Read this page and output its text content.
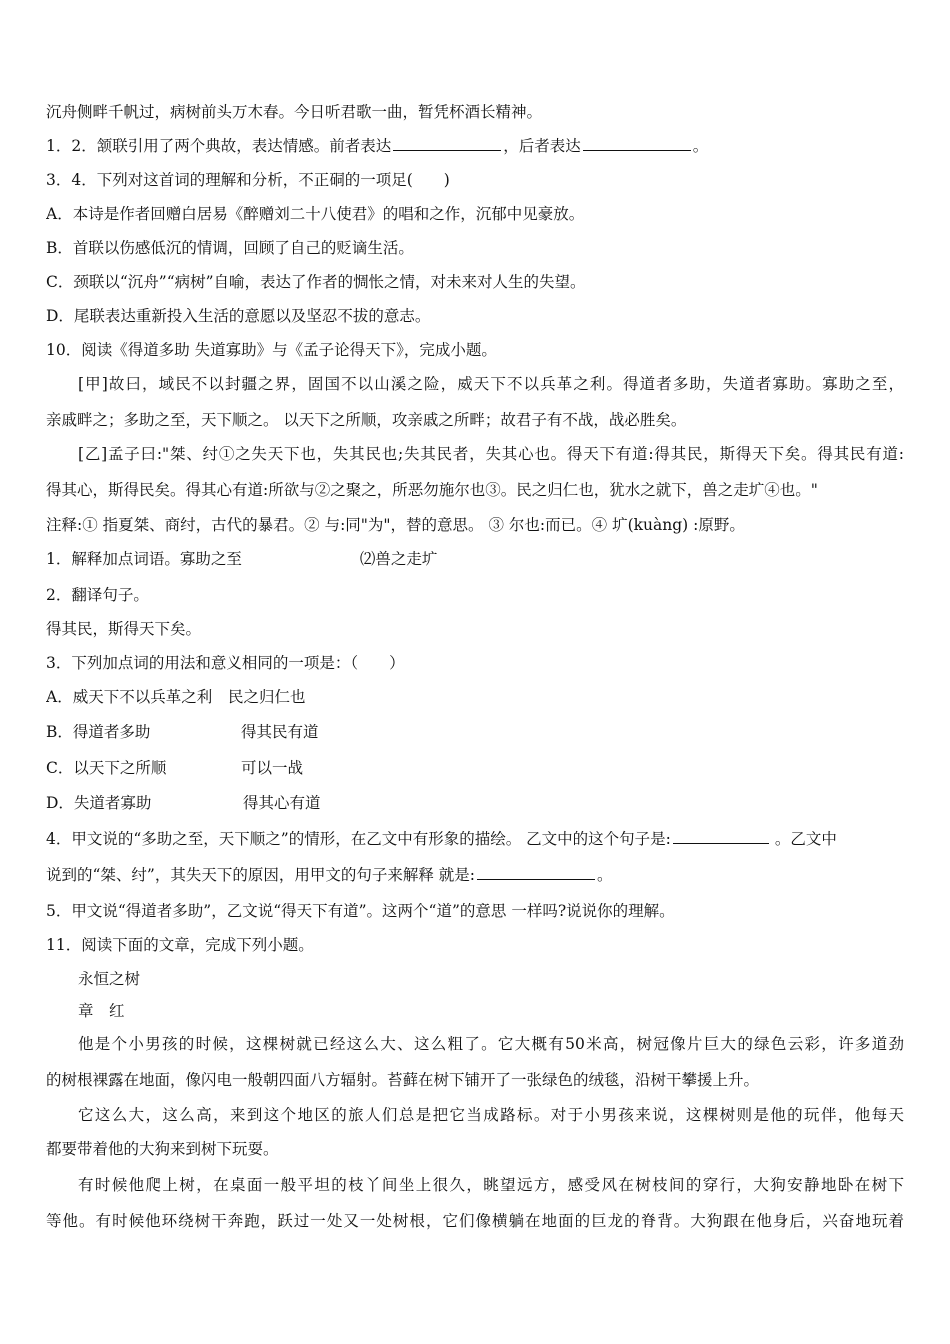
沉舟侧畔千帆过，病树前头万木春。今日听君歌一曲，暂凭杯酒长精神。
1．2．颔联引用了两个典故，表达情感。前者表达	，后者表达	。
3．4．下列对这首词的理解和分析，不正硐的一项足(　　)
A．本诗是作者回赠白居易《醉赠刘二十八使君》的唱和之作，沉郁中见豪放。
B．首联以伤感低沉的情调，回顾了自己的贬谪生活。
C．颈联以“沉舟”“病树”自喻，表达了作者的惆怅之情，对未来对人生的失望。
D．尾联表达重新投入生活的意愿以及坚忍不拔的意志。
10．阅读《得道多助 失道寡助》与《孟子论得天下》，完成小题。
[甲]故曰，域民不以封疆之界，固国不以山溪之险，威天下不以兵革之利。得道者多助，失道者寡助。寡助之至，
亲戚畔之；多助之至，天下顺之。 以天下之所顺，攻亲戚之所畔；故君子有不战，战必胜矣。
[乙]孟子曰:"桀、纣①之失天下也，失其民也;失其民者，失其心也。得天下有道:得其民，斯得天下矣。得其民有道:
得其心，斯得民矣。得其心有道:所欲与②之聚之，所恶勿施尔也③。民之归仁也，犹水之就下，兽之走圹④也。"
注释:① 指夏桀、商纣，古代的暴君。② 与:同"为"，替的意思。 ③ 尔也:而已。④ 圹(kuàng) :原野。
1．解释加点词语。寡助之至	⑵兽之走圹
2．翻译句子。
得其民，斯得天下矣。
3．下列加点词的用法和意义相同的一项是：（　　）
A．威天下不以兵革之利 民之归仁也
B．得道者多助	得其民有道
C．以天下之所顺	可以一战
D．失道者寡助	得其心有道
4．甲文说的“多助之至，天下顺之”的情形，在乙文中有形象的描绘。 乙文中的这个句子是:	。乙文中
说到的“桀、纣”，其失天下的原因，用甲文的句子来解释 就是:	。
5．甲文说“得道者多助”，乙文说“得天下有道”。这两个“道”的意思 一样吗?说说你的理解。
11．阅读下面的文章，完成下列小题。
永恒之树
章　红
他是个小男孩的时候，这棵树就已经这么大、这么粗了。它大概有50米高，树冠像片巨大的绿色云彩，许多道劲
的树根裸露在地面，像闪电一般朝四面八方辐射。苔藓在树下铺开了一张绿色的绒毯，沿树干攀援上升。
它这么大，这么高，来到这个地区的旅人们总是把它当成路标。对于小男孩来说，这棵树则是他的玩伴，他每天
都要带着他的大狗来到树下玩耍。
有时候他爬上树，在桌面一般平坦的枝丫间坐上很久，眺望远方，感受风在树枝间的穿行，大狗安静地卧在树下
等他。有时候他环绕树干奔跑，跃过一处又一处树根，它们像横躺在地面的巨龙的脊背。大狗跟在他身后，兴奋地玩着
